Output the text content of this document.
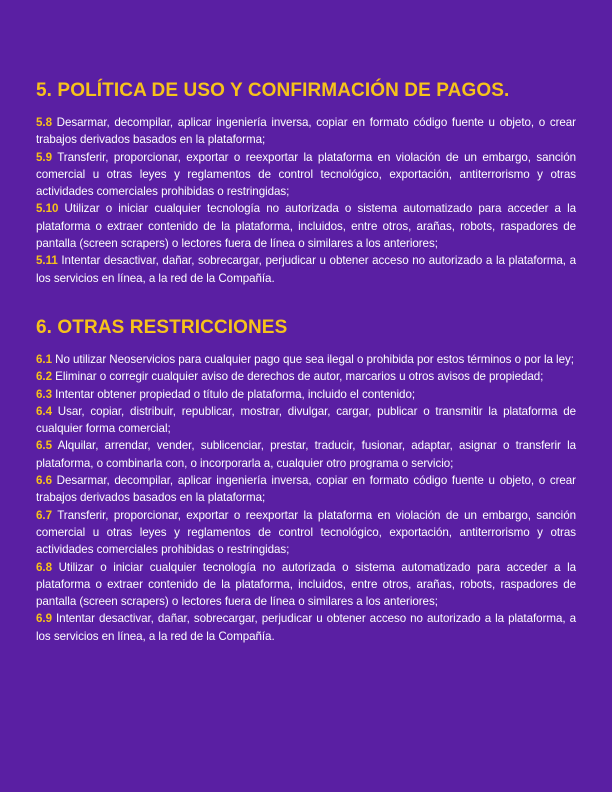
5. POLÍTICA DE USO Y CONFIRMACIÓN DE PAGOS.

5.8 Desarmar, decompilar, aplicar ingeniería inversa, copiar en formato código fuente u objeto, o crear trabajos derivados basados en la plataforma;

5.9 Transferir, proporcionar, exportar o reexportar la plataforma en violación de un embargo, sanción comercial u otras leyes y reglamentos de control tecnológico, exportación, antiterrorismo y otras actividades comerciales prohibidas o restringidas;

5.10 Utilizar o iniciar cualquier tecnología no autorizada o sistema automatizado para acceder a la plataforma o extraer contenido de la plataforma, incluidos, entre otros, arañas, robots, raspadores de pantalla (screen scrapers) o lectores fuera de línea o similares a los anteriores;

5.11 Intentar desactivar, dañar, sobrecargar, perjudicar u obtener acceso no autorizado a la plataforma, a los servicios en línea, a la red de la Compañía.

6. OTRAS RESTRICCIONES

6.1 No utilizar Neoservicios para cualquier pago que sea ilegal o prohibida por estos términos o por la ley;

6.2 Eliminar o corregir cualquier aviso de derechos de autor, marcarios u otros avisos de propiedad;

6.3 Intentar obtener propiedad o título de plataforma, incluido el contenido;

6.4 Usar, copiar, distribuir, republicar, mostrar, divulgar, cargar, publicar o transmitir la plataforma de cualquier forma comercial;

6.5 Alquilar, arrendar, vender, sublicenciar, prestar, traducir, fusionar, adaptar, asignar o transferir la plataforma, o combinarla con, o incorporarla a, cualquier otro programa o servicio;

6.6 Desarmar, decompilar, aplicar ingeniería inversa, copiar en formato código fuente u objeto, o crear trabajos derivados basados en la plataforma;

6.7 Transferir, proporcionar, exportar o reexportar la plataforma en violación de un embargo, sanción comercial u otras leyes y reglamentos de control tecnológico, exportación, antiterrorismo y otras actividades comerciales prohibidas o restringidas;

6.8 Utilizar o iniciar cualquier tecnología no autorizada o sistema automatizado para acceder a la plataforma o extraer contenido de la plataforma, incluidos, entre otros, arañas, robots, raspadores de pantalla (screen scrapers) o lectores fuera de línea o similares a los anteriores;

6.9 Intentar desactivar, dañar, sobrecargar, perjudicar u obtener acceso no autorizado a la plataforma, a los servicios en línea, a la red de la Compañía.
